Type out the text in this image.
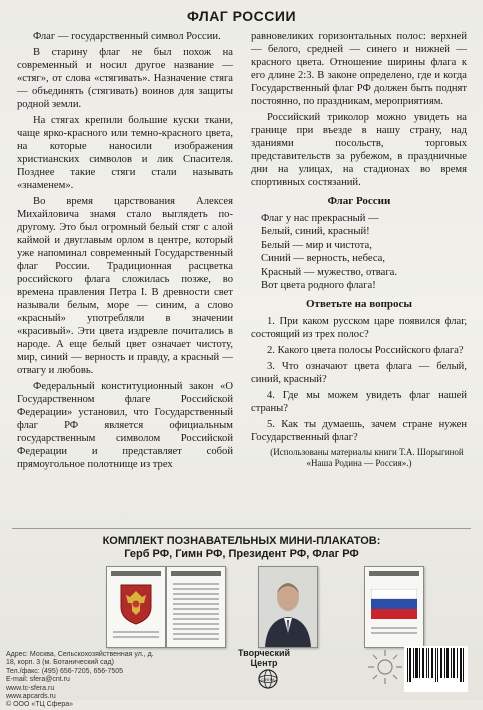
ФЛАГ РОССИИ

Флаг — государственный символ России.

В старину флаг не был похож на современный и носил другое название — «стяг», от слова «стягивать». Назначение стяга — объединять (стягивать) воинов для защиты родной земли.

На стягах крепили большие куски ткани, чаще ярко-красного или темно-красного цвета, на которые наносили изображения христианских символов и лик Спасителя. Позднее такие стяги стали называть «знаменем».

Во время царствования Алексея Михайловича знамя стало выглядеть по-другому. Это был огромный белый стяг с алой каймой и двуглавым орлом в центре, который уже напоминал современный Государственный флаг России. Традиционная расцветка российского флага сложилась позже, во времена правления Петра I. В древности свет называли белым, море — синим, а слово «красный» употребляли в значении «красивый». Эти цвета издревле почитались в народе. А еще белый цвет означает чистоту, мир, синий — верность и правду, а красный — отвагу и любовь.

Федеральный конституционный закон «О Государственном флаге Российской Федерации» установил, что Государственный флаг РФ является официальным государственным символом Российской Федерации и представляет собой прямоугольное полотнище из трех

равновеликих горизонтальных полос: верхней — белого, средней — синего и нижней — красного цвета. Отношение ширины флага к его длине 2:3. В законе определено, где и когда Государственный флаг РФ должен быть поднят постоянно, по праздникам, мероприятиям.

Российский триколор можно увидеть на границе при въезде в нашу страну, над зданиями посольств, торговых представительств за рубежом, в праздничные дни на улицах, на стадионах во время спортивных состязаний.

Флаг России
Флаг у нас прекрасный —
Белый, синий, красный!
Белый — мир и чистота,
Синий — верность, небеса,
Красный — мужество, отвага.
Вот цвета родного флага!
Ответьте на вопросы

1. При каком русском царе появился флаг, состоящий из трех полос?

2. Какого цвета полосы Российского флага?

3. Что означают цвета флага — белый, синий, красный?

4. Где мы можем увидеть флаг нашей страны?

5. Как ты думаешь, зачем стране нужен Государственный флаг?

(Использованы материалы книги Т.А. Шорыгиной «Наша Родина — Россия».)

КОМПЛЕКТ ПОЗНАВАТЕЛЬНЫХ МИНИ-ПЛАКАТОВ:
Герб РФ, Гимн РФ, Президент РФ, Флаг РФ
Адрес: Москва, Сельскохозяйственная ул., д. 18, корп. 3 (м. Ботанический сад)
Тел./факс: (495) 656-7205, 656-7505
E-mail: sfera@cnt.ru
www.tc-sfera.ru
www.apcards.ru
© ООО «ТЦ Сфера»
Творческий
Центр
СФЕРА
